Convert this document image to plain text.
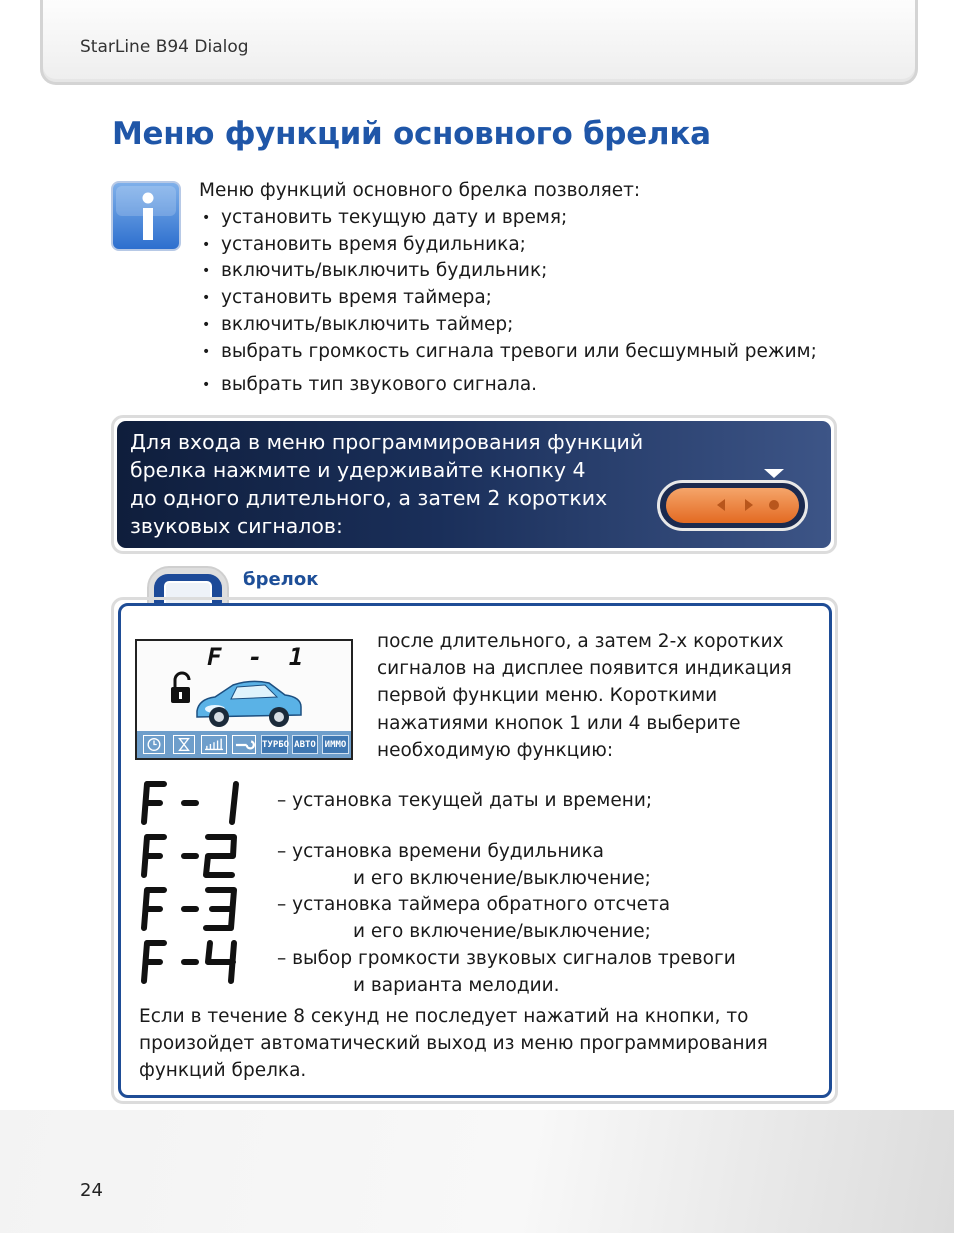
StarLine B94 Dialog
Меню функций основного брелка
Меню функций основного брелка позволяет:
• установить текущую дату и время;
• установить время будильника;
• включить/выключить будильник;
• установить время таймера;
• включить/выключить таймер;
• выбрать громкость сигнала тревоги или бесшумный режим;
• выбрать тип звукового сигнала.
Для входа в меню программирования функций
брелка нажмите и удерживайте кнопку 4
до одного длительного, а затем 2 коротких
звуковых сигналов:
брелок
F - 1
ТУРБО АВТО ИММО
после длительного, а затем 2-х коротких
сигналов на дисплее появится индикация
первой функции меню. Короткими
нажатиями кнопок 1 или 4 выберите
необходимую функцию:
F - 1
F -2
F - 3
F -4
– установка текущей даты и времени;
– установка времени будильника
и его включение/выключение;
– установка таймера обратного отсчета
и его включение/выключение;
– выбор громкости звуковых сигналов тревоги
и варианта мелодии.
Если в течение 8 секунд не последует нажатий на кнопки, то
произойдет автоматический выход из меню программирования
функций брелка.
24
